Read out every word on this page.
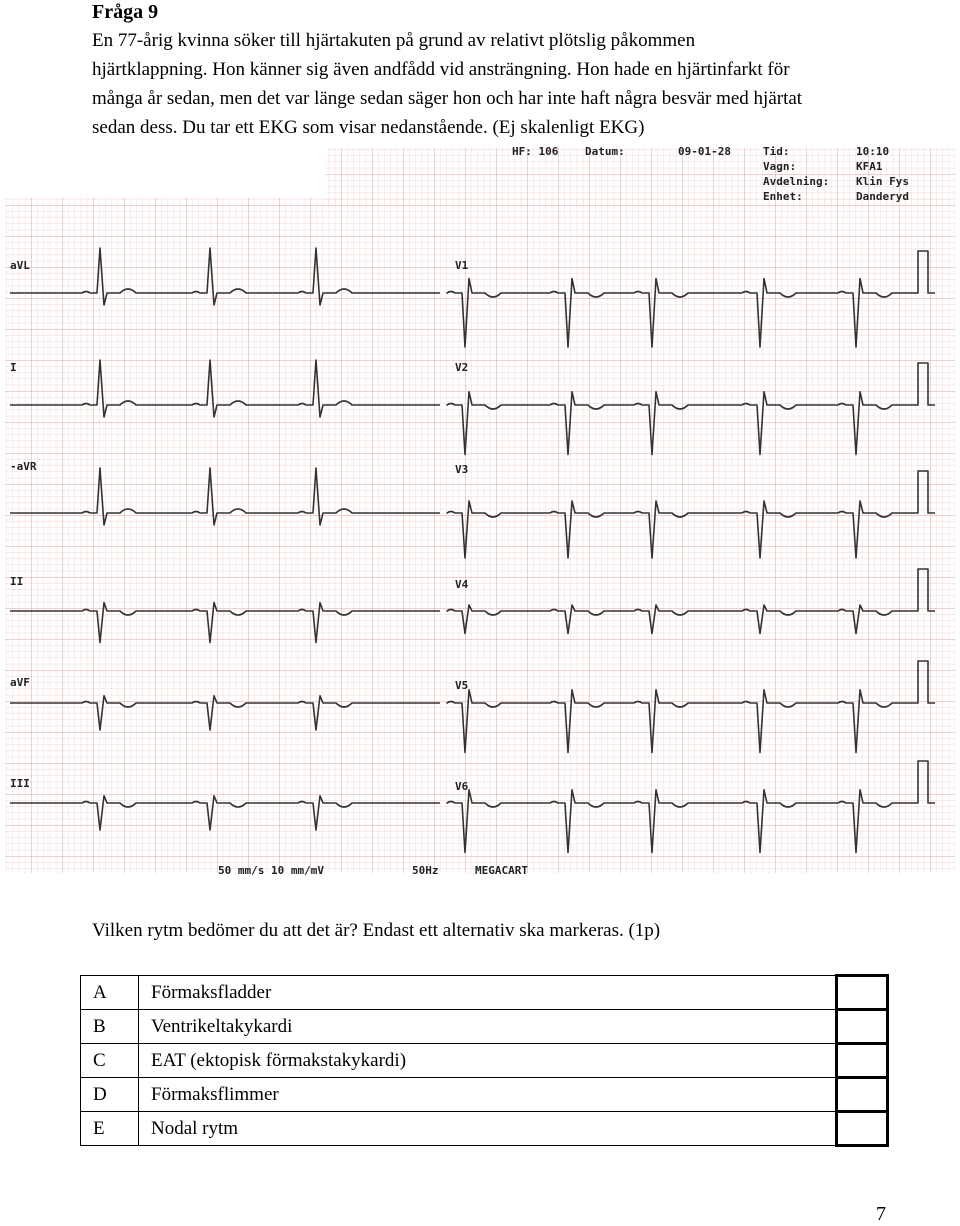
Fråga 9
En 77-årig kvinna söker till hjärtakuten på grund av relativt plötslig påkommen
hjärtklappning. Hon känner sig även andfådd vid ansträngning. Hon hade en hjärtinfarkt för
många år sedan, men det var länge sedan säger hon och har inte haft några besvär med hjärtat
sedan dess. Du tar ett EKG som visar nedanstående. (Ej skalenligt EKG)
HF: 106 Datum:	09-01-28	Tid:	10:10
Vagn:	KFA1
Avdelning: Klin Fys
Enhet:	Danderyd
aVL
I
-aVR
II
aVF
III
V1
V2
V3
V4
V5
V6
50 mm/s 10 mm/mV	50Hz	MEGACART
Vilken rytm bedömer du att det är? Endast ett alternativ ska markeras. (1p)
A	Förmaksfladder	
B	Ventrikeltakykardi	
C	EAT (ektopisk förmakstakykardi)	
D	Förmaksflimmer	
E	Nodal rytm	
7
